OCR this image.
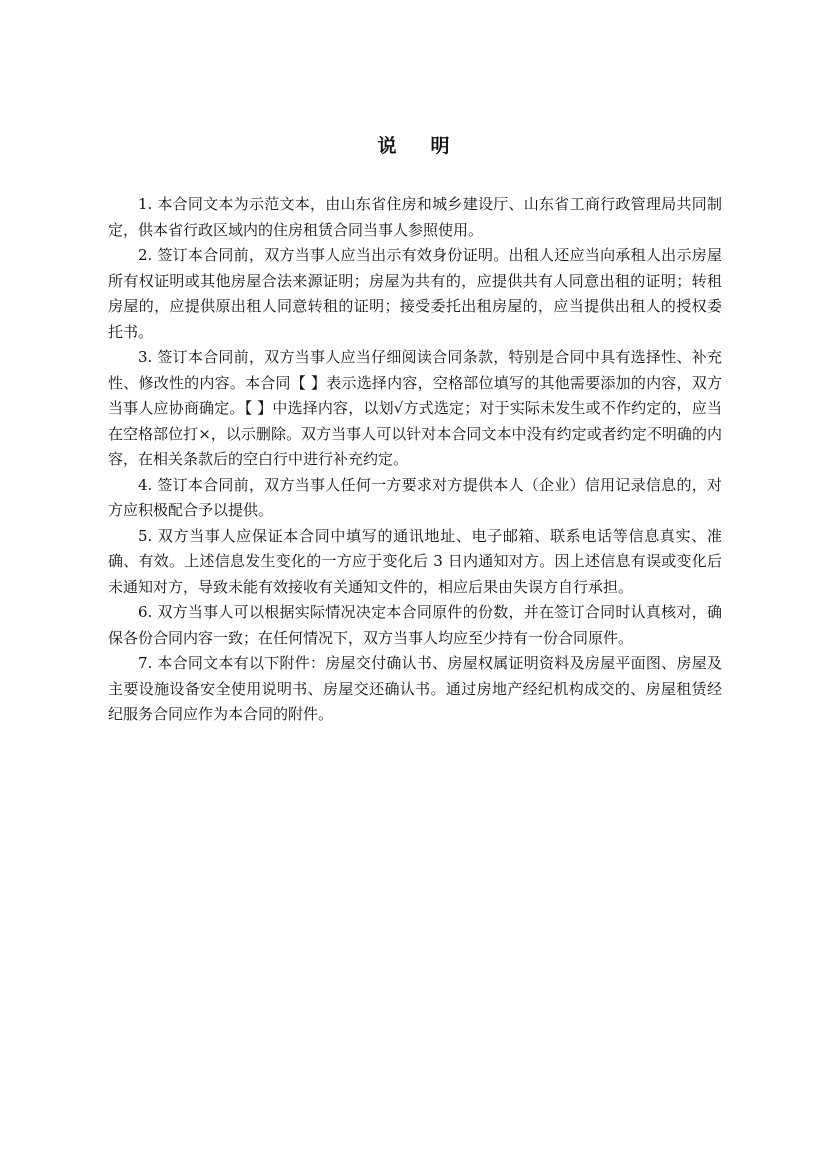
说 明

1. 本合同文本为示范文本，由山东省住房和城乡建设厅、山东省工商行政管理局共同制定，供本省行政区域内的住房租赁合同当事人参照使用。

2. 签订本合同前，双方当事人应当出示有效身份证明。出租人还应当向承租人出示房屋所有权证明或其他房屋合法来源证明；房屋为共有的，应提供共有人同意出租的证明；转租房屋的，应提供原出租人同意转租的证明；接受委托出租房屋的，应当提供出租人的授权委托书。

3. 签订本合同前，双方当事人应当仔细阅读合同条款，特别是合同中具有选择性、补充性、修改性的内容。本合同【 】表示选择内容，空格部位填写的其他需要添加的内容，双方当事人应协商确定。【 】中选择内容，以划√方式选定；对于实际未发生或不作约定的，应当在空格部位打×，以示删除。双方当事人可以针对本合同文本中没有约定或者约定不明确的内容，在相关条款后的空白行中进行补充约定。

4. 签订本合同前，双方当事人任何一方要求对方提供本人（企业）信用记录信息的，对方应积极配合予以提供。

5. 双方当事人应保证本合同中填写的通讯地址、电子邮箱、联系电话等信息真实、准确、有效。上述信息发生变化的一方应于变化后 3 日内通知对方。因上述信息有误或变化后未通知对方，导致未能有效接收有关通知文件的，相应后果由失误方自行承担。

6. 双方当事人可以根据实际情况决定本合同原件的份数，并在签订合同时认真核对，确保各份合同内容一致；在任何情况下，双方当事人均应至少持有一份合同原件。

7. 本合同文本有以下附件：房屋交付确认书、房屋权属证明资料及房屋平面图、房屋及主要设施设备安全使用说明书、房屋交还确认书。通过房地产经纪机构成交的、房屋租赁经纪服务合同应作为本合同的附件。
